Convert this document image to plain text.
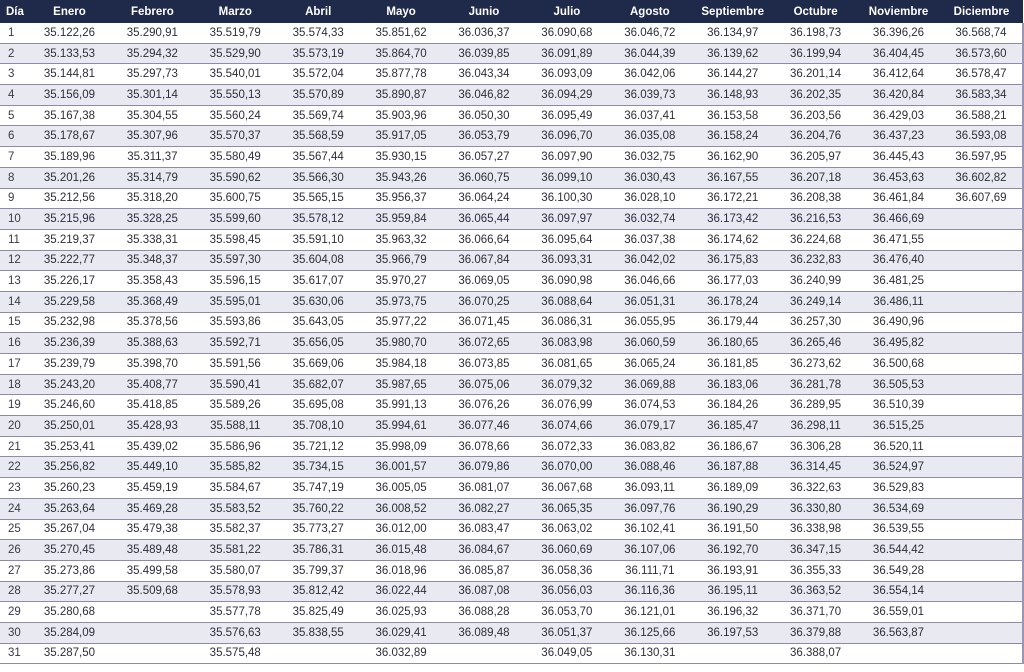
Día	Enero	Febrero	Marzo	Abril	Mayo	Junio	Julio	Agosto	Septiembre	Octubre	Noviembre	Diciembre
1	35.122,26	35.290,91	35.519,79	35.574,33	35.851,62	36.036,37	36.090,68	36.046,72	36.134,97	36.198,73	36.396,26	36.568,74
2	35.133,53	35.294,32	35.529,90	35.573,19	35.864,70	36.039,85	36.091,89	36.044,39	36.139,62	36.199,94	36.404,45	36.573,60
3	35.144,81	35.297,73	35.540,01	35.572,04	35.877,78	36.043,34	36.093,09	36.042,06	36.144,27	36.201,14	36.412,64	36.578,47
4	35.156,09	35.301,14	35.550,13	35.570,89	35.890,87	36.046,82	36.094,29	36.039,73	36.148,93	36.202,35	36.420,84	36.583,34
5	35.167,38	35.304,55	35.560,24	35.569,74	35.903,96	36.050,30	36.095,49	36.037,41	36.153,58	36.203,56	36.429,03	36.588,21
6	35.178,67	35.307,96	35.570,37	35.568,59	35.917,05	36.053,79	36.096,70	36.035,08	36.158,24	36.204,76	36.437,23	36.593,08
7	35.189,96	35.311,37	35.580,49	35.567,44	35.930,15	36.057,27	36.097,90	36.032,75	36.162,90	36.205,97	36.445,43	36.597,95
8	35.201,26	35.314,79	35.590,62	35.566,30	35.943,26	36.060,75	36.099,10	36.030,43	36.167,55	36.207,18	36.453,63	36.602,82
9	35.212,56	35.318,20	35.600,75	35.565,15	35.956,37	36.064,24	36.100,30	36.028,10	36.172,21	36.208,38	36.461,84	36.607,69
10	35.215,96	35.328,25	35.599,60	35.578,12	35.959,84	36.065,44	36.097,97	36.032,74	36.173,42	36.216,53	36.466,69	
11	35.219,37	35.338,31	35.598,45	35.591,10	35.963,32	36.066,64	36.095,64	36.037,38	36.174,62	36.224,68	36.471,55	
12	35.222,77	35.348,37	35.597,30	35.604,08	35.966,79	36.067,84	36.093,31	36.042,02	36.175,83	36.232,83	36.476,40	
13	35.226,17	35.358,43	35.596,15	35.617,07	35.970,27	36.069,05	36.090,98	36.046,66	36.177,03	36.240,99	36.481,25	
14	35.229,58	35.368,49	35.595,01	35.630,06	35.973,75	36.070,25	36.088,64	36.051,31	36.178,24	36.249,14	36.486,11	
15	35.232,98	35.378,56	35.593,86	35.643,05	35.977,22	36.071,45	36.086,31	36.055,95	36.179,44	36.257,30	36.490,96	
16	35.236,39	35.388,63	35.592,71	35.656,05	35.980,70	36.072,65	36.083,98	36.060,59	36.180,65	36.265,46	36.495,82	
17	35.239,79	35.398,70	35.591,56	35.669,06	35.984,18	36.073,85	36.081,65	36.065,24	36.181,85	36.273,62	36.500,68	
18	35.243,20	35.408,77	35.590,41	35.682,07	35.987,65	36.075,06	36.079,32	36.069,88	36.183,06	36.281,78	36.505,53	
19	35.246,60	35.418,85	35.589,26	35.695,08	35.991,13	36.076,26	36.076,99	36.074,53	36.184,26	36.289,95	36.510,39	
20	35.250,01	35.428,93	35.588,11	35.708,10	35.994,61	36.077,46	36.074,66	36.079,17	36.185,47	36.298,11	36.515,25	
21	35.253,41	35.439,02	35.586,96	35.721,12	35.998,09	36.078,66	36.072,33	36.083,82	36.186,67	36.306,28	36.520,11	
22	35.256,82	35.449,10	35.585,82	35.734,15	36.001,57	36.079,86	36.070,00	36.088,46	36.187,88	36.314,45	36.524,97	
23	35.260,23	35.459,19	35.584,67	35.747,19	36.005,05	36.081,07	36.067,68	36.093,11	36.189,09	36.322,63	36.529,83	
24	35.263,64	35.469,28	35.583,52	35.760,22	36.008,52	36.082,27	36.065,35	36.097,76	36.190,29	36.330,80	36.534,69	
25	35.267,04	35.479,38	35.582,37	35.773,27	36.012,00	36.083,47	36.063,02	36.102,41	36.191,50	36.338,98	36.539,55	
26	35.270,45	35.489,48	35.581,22	35.786,31	36.015,48	36.084,67	36.060,69	36.107,06	36.192,70	36.347,15	36.544,42	
27	35.273,86	35.499,58	35.580,07	35.799,37	36.018,96	36.085,87	36.058,36	36.111,71	36.193,91	36.355,33	36.549,28	
28	35.277,27	35.509,68	35.578,93	35.812,42	36.022,44	36.087,08	36.056,03	36.116,36	36.195,11	36.363,52	36.554,14	
29	35.280,68		35.577,78	35.825,49	36.025,93	36.088,28	36.053,70	36.121,01	36.196,32	36.371,70	36.559,01	
30	35.284,09		35.576,63	35.838,55	36.029,41	36.089,48	36.051,37	36.125,66	36.197,53	36.379,88	36.563,87	
31	35.287,50		35.575,48		36.032,89		36.049,05	36.130,31		36.388,07		
